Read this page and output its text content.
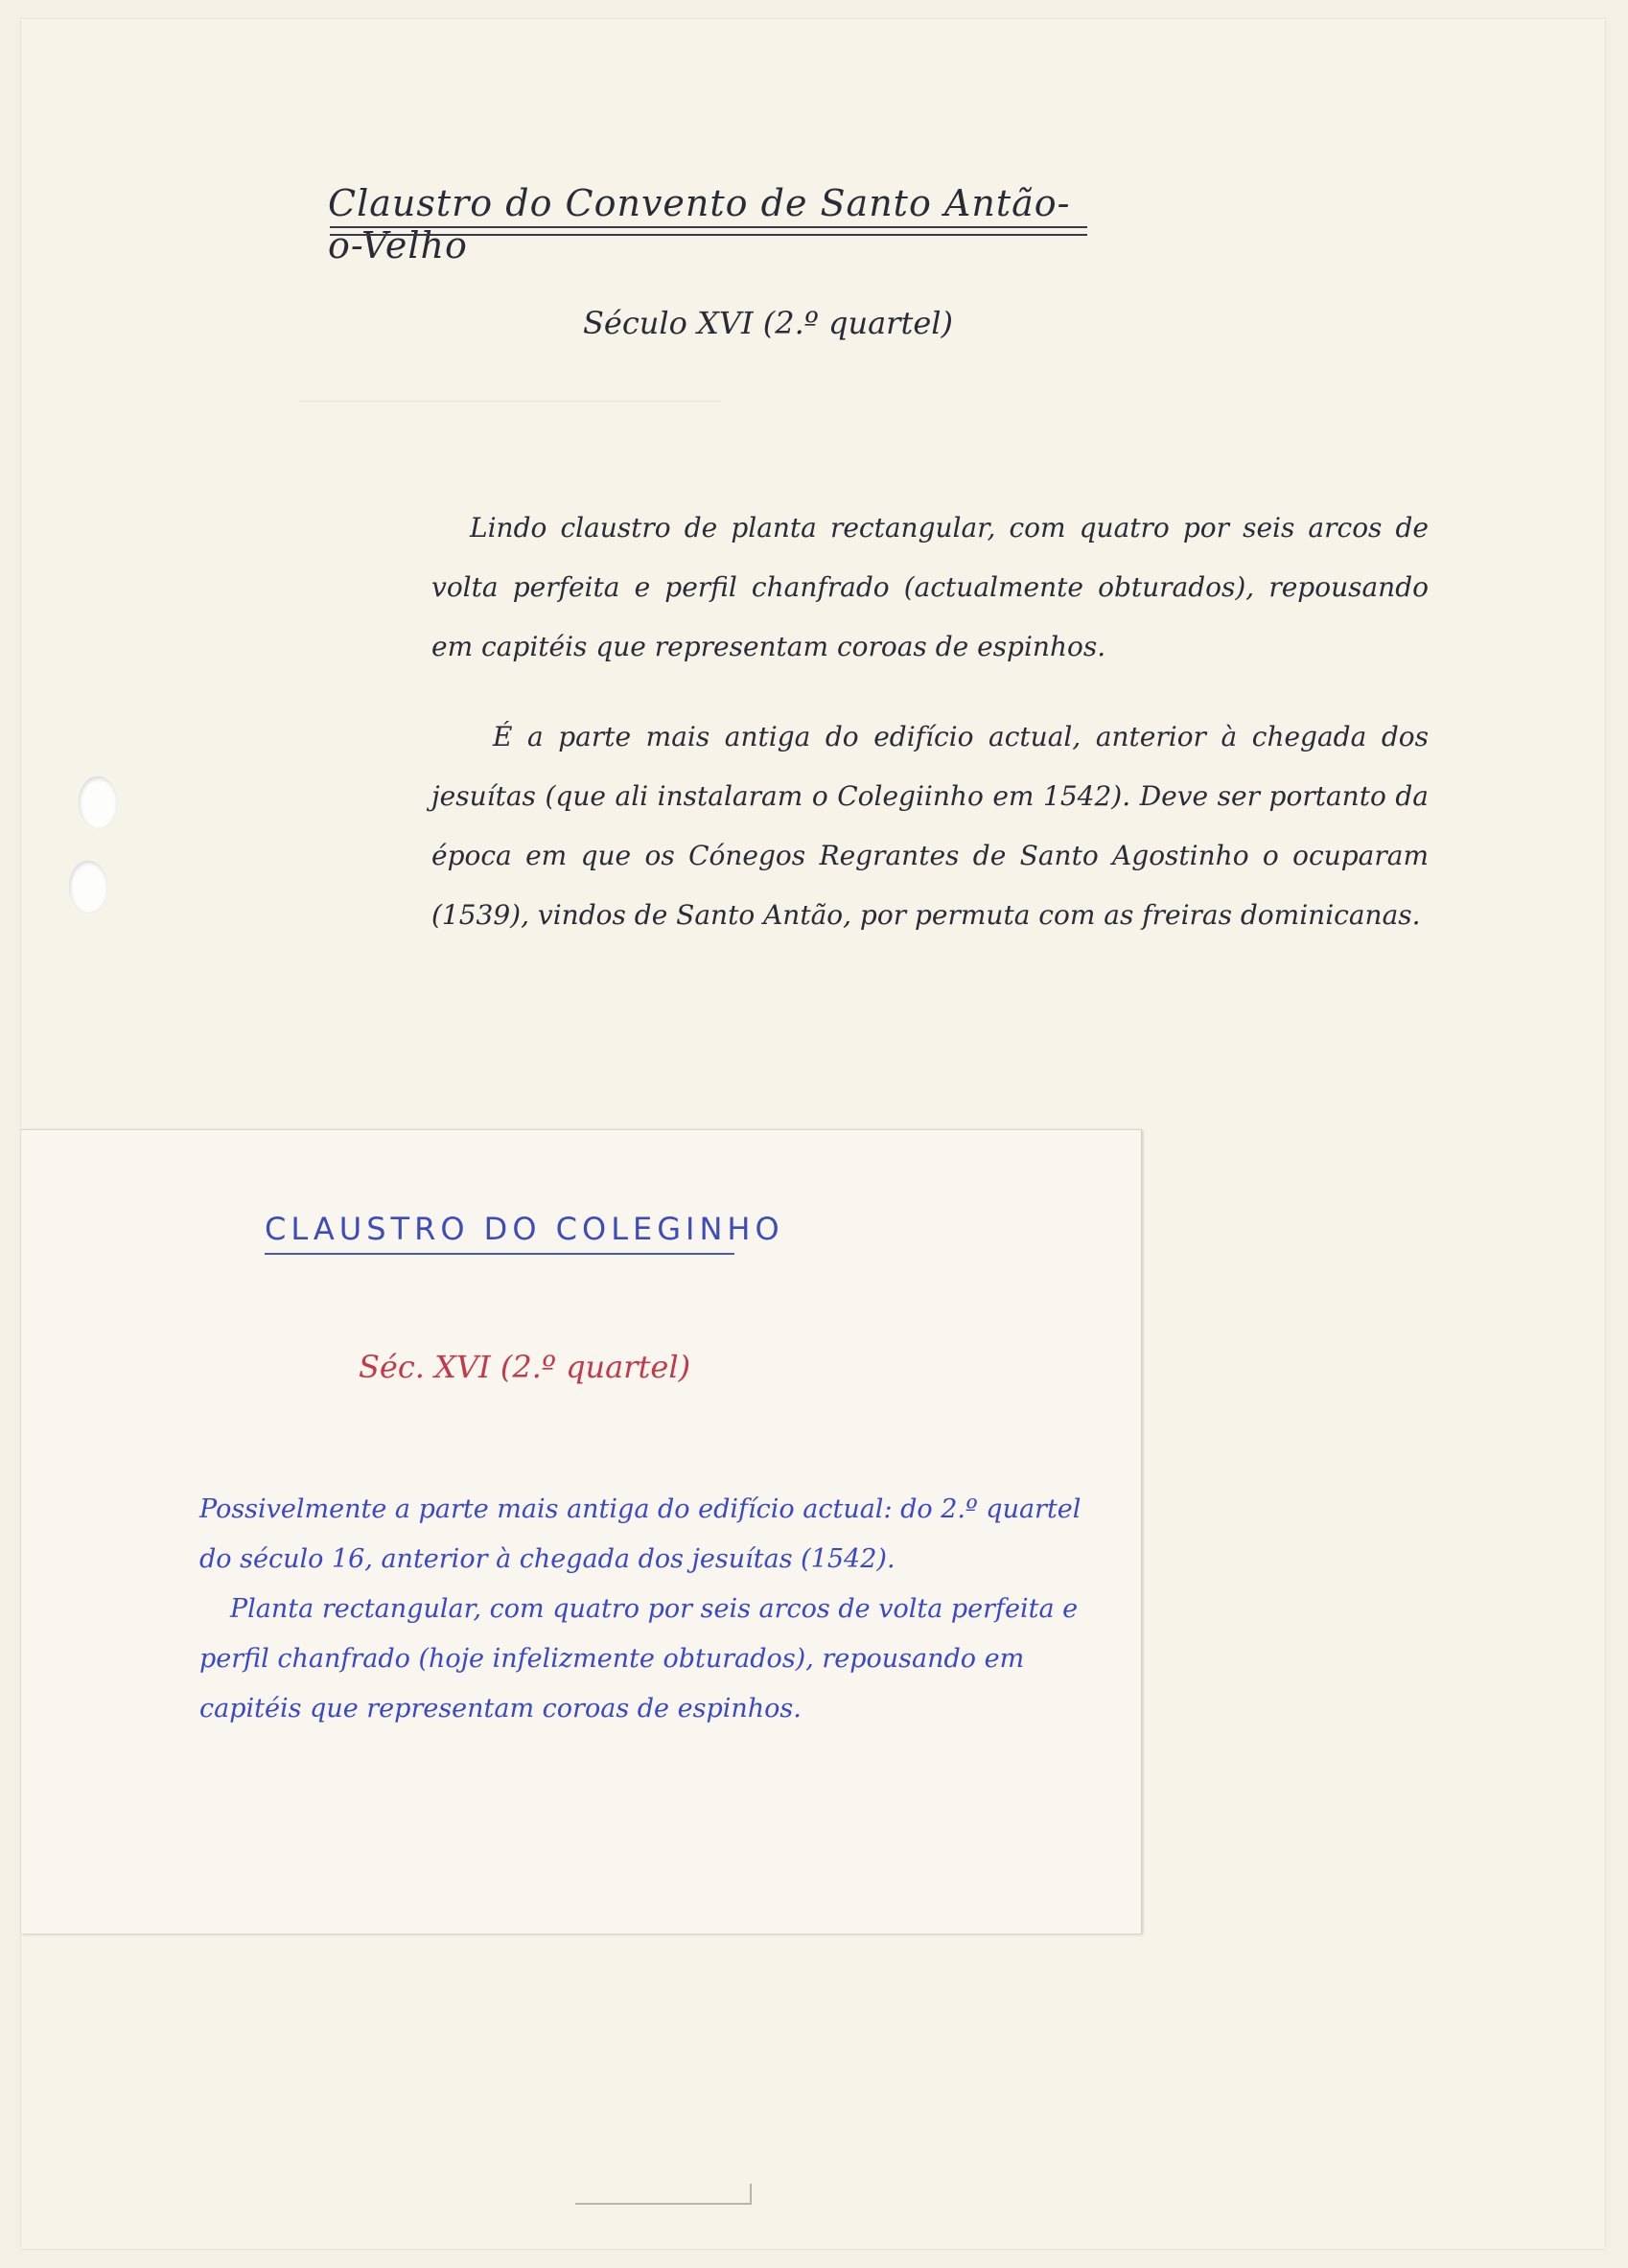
Claustro do Convento de Santo Antão-o-Velho
Século XVI (2.º quartel)
Lindo claustro de planta rectangular, com quatro por seis arcos de volta perfeita e perfil chanfrado (actualmente obturados), repousando em capitéis que representam coroas de espinhos.
É a parte mais antiga do edifício actual, anterior à chegada dos jesuítas (que ali instalaram o Colegiinho em 1542). Deve ser portanto da época em que os Cónegos Regrantes de Santo Agostinho o ocuparam (1539), vindos de Santo Antão, por permuta com as freiras dominicanas.
CLAUSTRO DO COLEGINHO
Séc. XVI (2.º quartel)

Possivelmente a parte mais antiga do edifício actual: do 2.º quartel do século 16, anterior à chegada dos jesuítas (1542).

Planta rectangular, com quatro por seis arcos de volta perfeita e perfil chanfrado (hoje infelizmente obturados), repousando em capitéis que representam coroas de espinhos.
